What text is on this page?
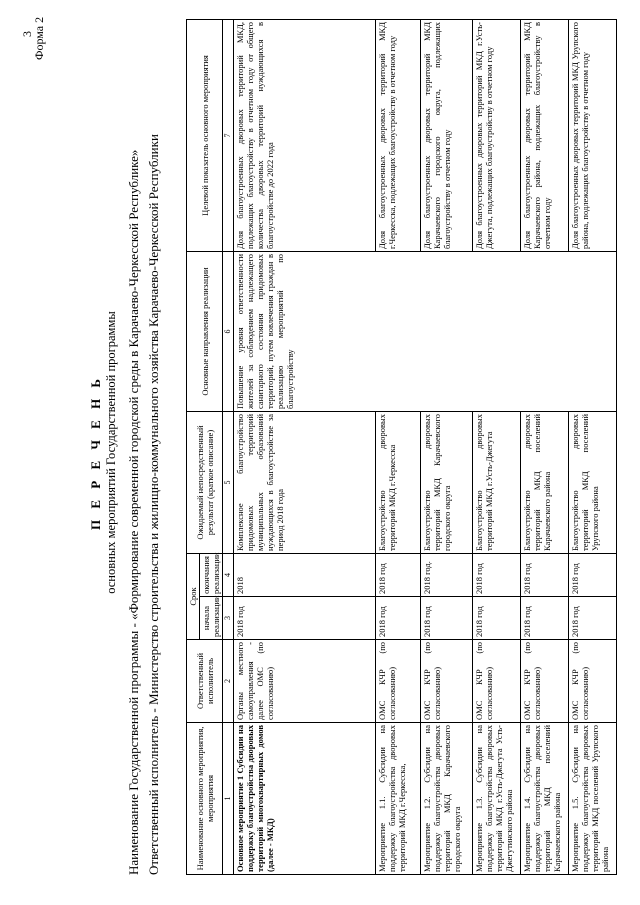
3
Форма 2
П Е Р Е Ч Е Н Ь основных мероприятий Государственной программы Наименование Государственной программы - «Формирование современной городской среды в Карачаево-Черкесской Республике» Ответственный исполнитель - Министерство строительства и жилищно-коммунального хозяйства Карачаево-Черкесской Республики	Наименование основного мероприятия, мероприятия	Ответственный исполнитель	Срок		Ожидаемый непосредственный результат (краткое описание)	Основные направления реализации	Целевой показатель основного мероприятия
		начала реализации	окончания реализации			
1	2	3	4	5	6	7
Основное мероприятие 1 Субсидии на поддержку благоустройства дворовых территорий многоквартирных домов (далее - МКД)	Органы местного самоуправления - далее ОМС (по согласованию)	2018 год	2018	Комплексное благоустройство придомовых территорий муниципальных образований нуждающихся в благоустройстве за период 2018 года	Повышение уровня ответственности жителей за соблюдением надлежащего санитарного состояния придомовых территорий, путем вовлечения граждан в реализацию мероприятий по благоустройству	Доля благоустроенных дворовых территорий МКД, подлежащих благоустройству в отчетном году от общего количества дворовых территорий нуждающихся в благоустройстве до 2022 года
Мероприятие 1.1. Субсидии на поддержку благоустройства дворовых территорий МКД г.Черкесска,	ОМС КЧР (по согласованию)	2018 год	2018 год	Благоустройство дворовых территорий МКД г.Черкесска		Доля благоустроенных дворовых территорий МКД г.Черкесска, подлежащих благоустройству в отчетном году
Мероприятие 1.2. Субсидии на поддержку благоустройства дворовых территорий МКД Карачаевского городского округа	ОМС КЧР (по согласованию)	2018 год	2018 год.	Благоустройство дворовых территорий МКД Карачаевского городского округа		Доля благоустроенных дворовых территорий МКД Карачаевского городского округа, подлежащих благоустройству в отчетном году
Мероприятие 1.3. Субсидии на поддержку благоустройства дворовых территорий МКД г.Усть-Джегута Усть-Джегутинского района	ОМС КЧР (по согласованию)	2018 год	2018 год	Благоустройство дворовых территорий МКД г.Усть-Джегута		Доля благоустроенных дворовых территорий МКД г.Усть-Джегута, подлежащих благоустройству в отчетном году
Мероприятие 1.4. Субсидии на поддержку благоустройства дворовых территорий МКД поселений Карачаевского района	ОМС КЧР (по согласованию)	2018 год	2018 год	Благоустройство дворовых территорий МКД поселений Карачаевского района		Доля благоустроенных дворовых территорий МКД Карачаевского района, подлежащих благоустройству в отчетном году
Мероприятие 1.5. Субсидии на поддержку благоустройства дворовых территорий МКД поселений Урупского района	ОМС КЧР (по согласованию)	2018 год	2018 год	Благоустройство дворовых территорий МКД поселений Урупского района		Доля благоустроенных дворовых территорий МКД Урупского района, подлежащих благоустройству в отчетном году
